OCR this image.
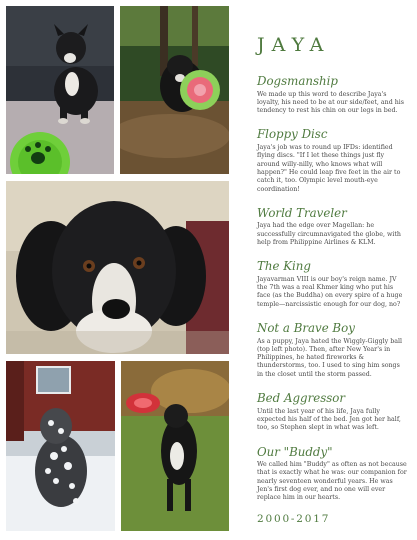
JAYA
Dogsmanship

We made up this word to describe Jaya's loyalty, his need to be at our side/feet, and his tendency to rest his chin on our legs in bed.

Floppy Disc

Jaya's job was to round up IFDs: identified flying discs. "If I let these things just fly around willy-nilly, who knows what will happen?" He could leap five feet in the air to catch it, too. Olympic level mouth-eye coordination!

World Traveler

Jaya had the edge over Magellan: he successfully circumnavigated the globe, with help from Philippine Airlines & KLM.

The King

Jayavarman VIII is our boy's reign name. JV the 7th was a real Khmer king who put his face (as the Buddha) on every spire of a huge temple—narcissistic enough for our dog, no?

Not a Brave Boy

As a puppy, Jaya hated the Wiggly-Giggly ball (top left photo). Then, after New Year's in Philippines, he hated fireworks & thunderstorms, too. I used to sing him songs in the closet until the storm passed.

Bed Aggressor

Until the last year of his life, Jaya fully expected his half of the bed. Jen got her half, too, so Stephen slept in what was left.

Our "Buddy"

We called him "Buddy" as often as not because that is exactly what he was: our companion for nearly seventeen wonderful years. He was Jen's first dog ever, and no one will ever replace him in our hearts.

2000-2017
